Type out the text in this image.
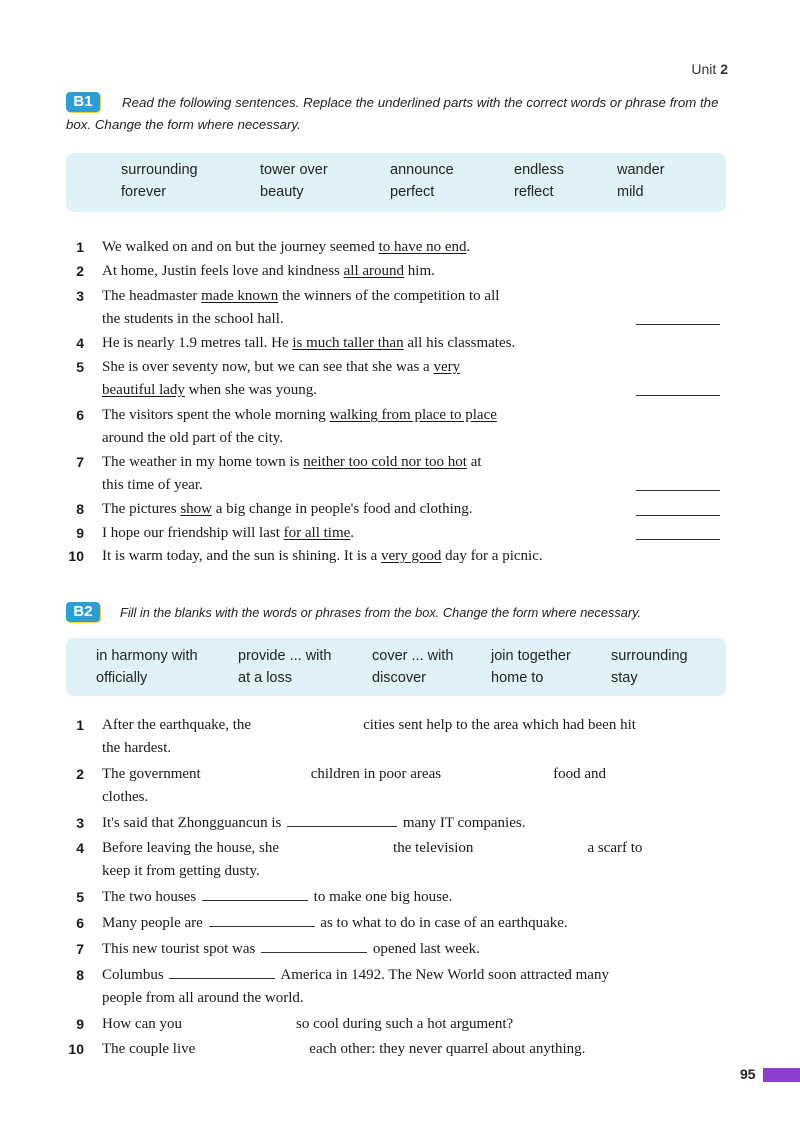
Unit 2
B1 Read the following sentences. Replace the underlined parts with the correct words or phrase from the box. Change the form where necessary.
surrounding	tower over	announce	endless	wander
forever	beauty	perfect	reflect	mild
1 We walked on and on but the journey seemed to have no end.
2 At home, Justin feels love and kindness all around him.
3 The headmaster made known the winners of the competition to all
the students in the school hall.
4 He is nearly 1.9 metres tall. He is much taller than all his classmates.
5 She is over seventy now, but we can see that she was a very
beautiful lady when she was young.
6 The visitors spent the whole morning walking from place to place
around the old part of the city.
7 The weather in my home town is neither too cold nor too hot at
this time of year.
8 The pictures show a big change in people's food and clothing.
9 I hope our friendship will last for all time.
10 It is warm today, and the sun is shining. It is a very good day for a picnic.
B2 Fill in the blanks with the words or phrases from the box. Change the form where necessary.
in harmony with	provide ... with	cover ... with	join together	surrounding
officially	at a loss	discover	home to	stay
1 After the earthquake, the	cities sent help to the area which had been hit
the hardest.
2 The government	children in poor areas	food and
clothes.
3 It's said that Zhongguancun is	many IT companies.
4 Before leaving the house, she	the television	a scarf to
keep it from getting dusty.
5 The two houses	to make one big house.
6 Many people are	as to what to do in case of an earthquake.
7 This new tourist spot was	opened last week.
8 Columbus	America in 1492. The New World soon attracted many
people from all around the world.
9 How can you	so cool during such a hot argument?
10 The couple live	each other: they never quarrel about anything.
95
